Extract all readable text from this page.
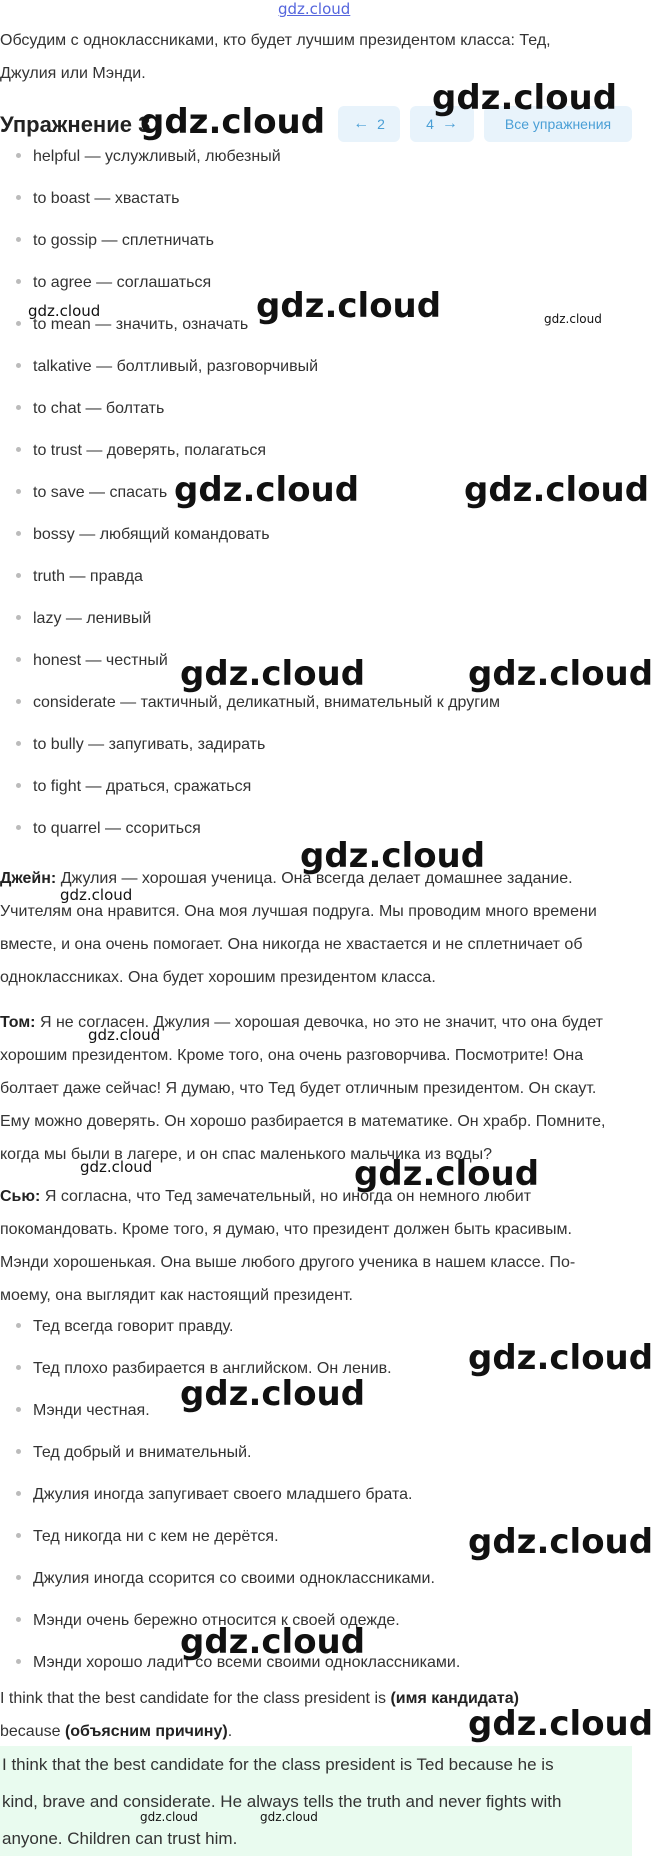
gdz.cloud
Обсудим с одноклассниками, кто будет лучшим президентом класса: Тед,
Джулия или Мэнди.
Упражнение 3	← 2	4 →	Все упражнения
helpful — услужливый, любезный
to boast — хвастать
to gossip — сплетничать
to agree — соглашаться
to mean — значить, означать
talkative — болтливый, разговорчивый
to chat — болтать
to trust — доверять, полагаться
to save — спасать
bossy — любящий командовать
truth — правда
lazy — ленивый
honest — честный
considerate — тактичный, деликатный, внимательный к другим
to bully — запугивать, задирать
to fight — драться, сражаться
to quarrel — ссориться
Джейн: Джулия — хорошая ученица. Она всегда делает домашнее задание.
Учителям она нравится. Она моя лучшая подруга. Мы проводим много времени
вместе, и она очень помогает. Она никогда не хвастается и не сплетничает об
одноклассниках. Она будет хорошим президентом класса.
Том: Я не согласен. Джулия — хорошая девочка, но это не значит, что она будет
хорошим президентом. Кроме того, она очень разговорчива. Посмотрите! Она
болтает даже сейчас! Я думаю, что Тед будет отличным президентом. Он скаут.
Ему можно доверять. Он хорошо разбирается в математике. Он храбр. Помните,
когда мы были в лагере, и он спас маленького мальчика из воды?
Сью: Я согласна, что Тед замечательный, но иногда он немного любит
покомандовать. Кроме того, я думаю, что президент должен быть красивым.
Мэнди хорошенькая. Она выше любого другого ученика в нашем классе. По-
моему, она выглядит как настоящий президент.
Тед всегда говорит правду.
Тед плохо разбирается в английском. Он ленив.
Мэнди честная.
Тед добрый и внимательный.
Джулия иногда запугивает своего младшего брата.
Тед никогда ни с кем не дерётся.
Джулия иногда ссорится со своими одноклассниками.
Мэнди очень бережно относится к своей одежде.
Мэнди хорошо ладит со всеми своими одноклассниками.
I think that the best candidate for the class president is (имя кандидата)
because (объясним причину).

I think that the best candidate for the class president is Ted because he is

kind, brave and considerate. He always tells the truth and never fights with

anyone. Children can trust him.

gdz.cloud
gdz.cloud
gdz.cloud	gdz.cloud	gdz.cloud
gdz.cloud	gdz.cloud
gdz.cloud	gdz.cloud
gdz.cloud
gdz.cloud
gdz.cloud
gdz.cloud	gdz.cloud
gdz.cloud
gdz.cloud
gdz.cloud
gdz.cloud
gdz.cloud
gdz.cloud	gdz.cloud
